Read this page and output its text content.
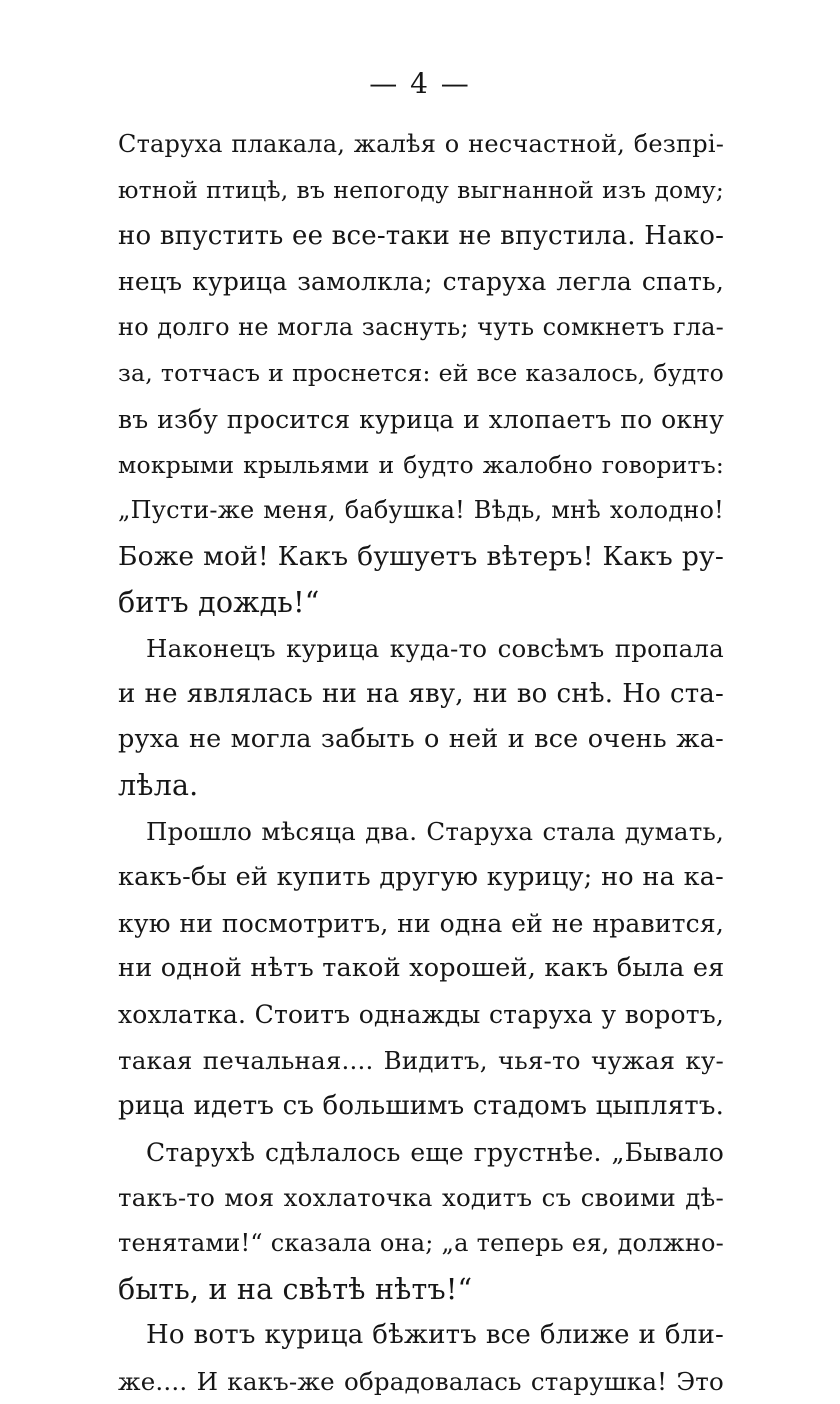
— 4 —
Старуха плакала, жалѣя о несчастной, безпрі-
ютной птицѣ, въ непогоду выгнанной изъ дому;
но впустить ее все-таки не впустила. Нако-
нецъ курица замолкла; старуха легла спать,
но долго не могла заснуть; чуть сомкнетъ гла-
за, тотчасъ и проснется: ей все казалось, будто
въ избу просится курица и хлопаетъ по окну
мокрыми крыльями и будто жалобно говоритъ:
„Пусти-же меня, бабушка! Вѣдь, мнѣ холодно!
Боже мой! Какъ бушуетъ вѣтеръ! Какъ ру-
битъ дождь!“
Наконецъ курица куда-то совсѣмъ пропала
и не являлась ни на яву, ни во снѣ. Но ста-
руха не могла забыть о ней и все очень жа-
лѣла.
Прошло мѣсяца два. Старуха стала думать,
какъ-бы ей купить другую курицу; но на ка-
кую ни посмотритъ, ни одна ей не нравится,
ни одной нѣтъ такой хорошей, какъ была ея
хохлатка. Стоитъ однажды старуха у воротъ,
такая печальная.... Видитъ, чья-то чужая ку-
рица идетъ съ большимъ стадомъ цыплятъ.
Старухѣ сдѣлалось еще грустнѣе. „Бывало
такъ-то моя хохлаточка ходитъ съ своими дѣ-
тенятами!“ сказала она; „а теперь ея, должно-
быть, и на свѣтѣ нѣтъ!“
Но вотъ курица бѣжитъ все ближе и бли-
же.... И какъ-же обрадовалась старушка! Это
